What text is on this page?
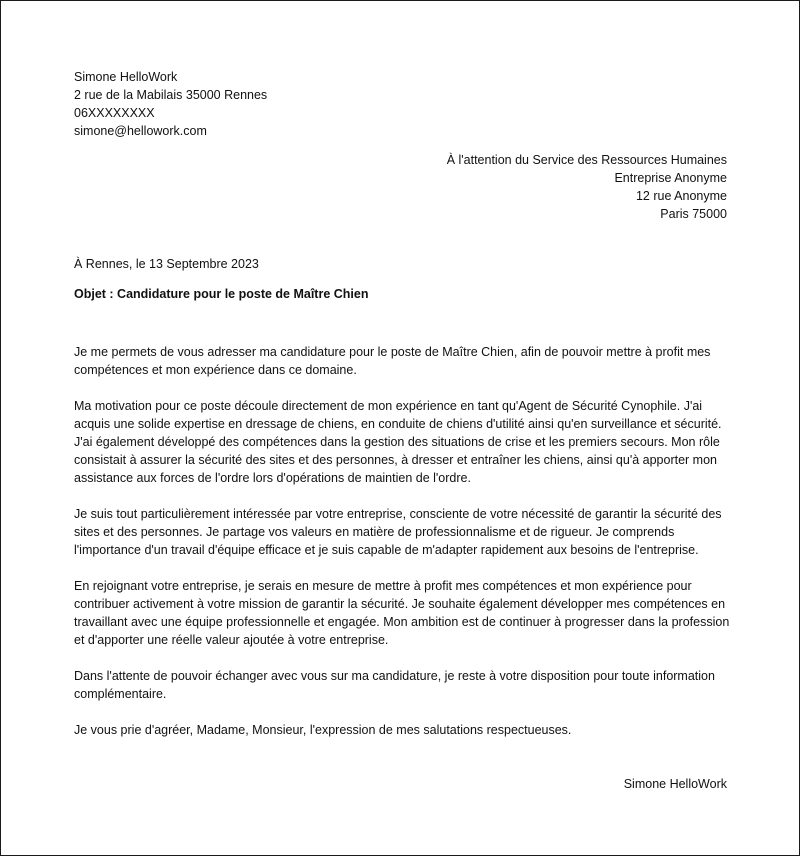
Simone HelloWork
2 rue de la Mabilais 35000 Rennes
06XXXXXXXX
simone@hellowork.com
À l'attention du Service des Ressources Humaines
Entreprise Anonyme
12 rue Anonyme
Paris 75000
À Rennes, le 13 Septembre 2023
Objet : Candidature pour le poste de Maître Chien

Je me permets de vous adresser ma candidature pour le poste de Maître Chien, afin de pouvoir mettre à profit mes compétences et mon expérience dans ce domaine.

Ma motivation pour ce poste découle directement de mon expérience en tant qu'Agent de Sécurité Cynophile. J'ai acquis une solide expertise en dressage de chiens, en conduite de chiens d'utilité ainsi qu'en surveillance et sécurité. J'ai également développé des compétences dans la gestion des situations de crise et les premiers secours. Mon rôle consistait à assurer la sécurité des sites et des personnes, à dresser et entraîner les chiens, ainsi qu'à apporter mon assistance aux forces de l'ordre lors d'opérations de maintien de l'ordre.

Je suis tout particulièrement intéressée par votre entreprise, consciente de votre nécessité de garantir la sécurité des sites et des personnes. Je partage vos valeurs en matière de professionnalisme et de rigueur. Je comprends l'importance d'un travail d'équipe efficace et je suis capable de m'adapter rapidement aux besoins de l'entreprise.

En rejoignant votre entreprise, je serais en mesure de mettre à profit mes compétences et mon expérience pour contribuer activement à votre mission de garantir la sécurité. Je souhaite également développer mes compétences en travaillant avec une équipe professionnelle et engagée. Mon ambition est de continuer à progresser dans la profession et d'apporter une réelle valeur ajoutée à votre entreprise.

Dans l'attente de pouvoir échanger avec vous sur ma candidature, je reste à votre disposition pour toute information complémentaire.

Je vous prie d'agréer, Madame, Monsieur, l'expression de mes salutations respectueuses.

Simone HelloWork
